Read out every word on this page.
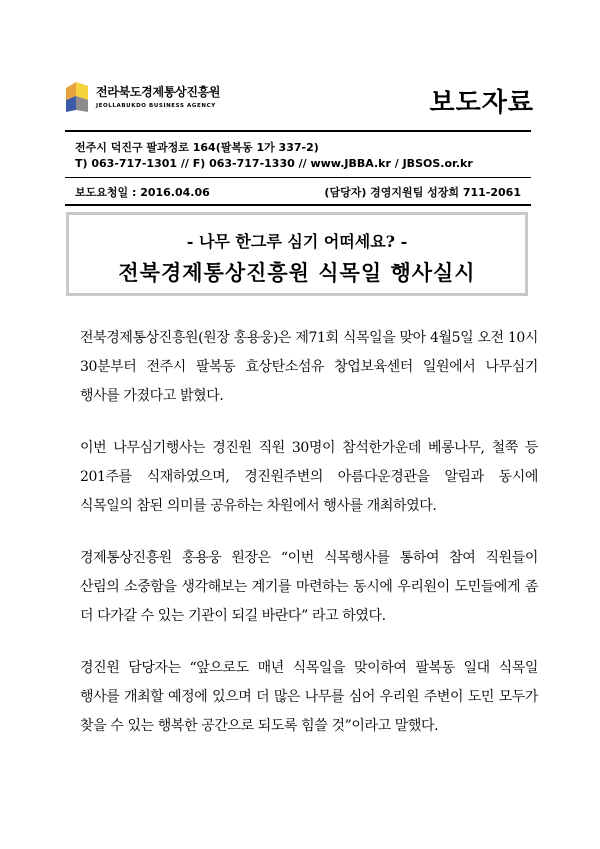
전라북도경제통상진흥원
JEOLLABUKDO BUSINESS AGENCY	보도자료
전주시 덕진구 팔과정로 164(팔복동 1가 337-2)
T) 063-717-1301 // F) 063-717-1330 // www.JBBA.kr / JBSOS.or.kr
보도요청일 : 2016.04.06	(담당자) 경영지원팀 성장희 711-2061
- 나무 한그루 심기 어떠세요? -
전북경제통상진흥원 식목일 행사실시

전북경제통상진흥원(원장 홍용웅)은 제71회 식목일을 맞아 4월5일 오전 10시 30분부터 전주시 팔복동 효상탄소섬유 창업보육센터 일원에서 나무심기 행사를 가졌다고 밝혔다.

이번 나무심기행사는 경진원 직원 30명이 참석한가운데 베롱나무, 철쭉 등 201주를 식재하였으며, 경진원주변의 아름다운경관을 알림과 동시에 식목일의 참된 의미를 공유하는 차원에서 행사를 개최하였다.

경제통상진흥원 홍용웅 원장은 “이번 식목행사를 통하여 참여 직원들이 산림의 소중함을 생각해보는 계기를 마련하는 동시에 우리원이 도민들에게 좀 더 다가갈 수 있는 기관이 되길 바란다” 라고 하였다.

경진원 담당자는 “앞으로도 매년 식목일을 맞이하여 팔복동 일대 식목일 행사를 개최할 예정에 있으며 더 많은 나무를 심어 우리원 주변이 도민 모두가 찾을 수 있는 행복한 공간으로 되도록 힘쓸 것”이라고 말했다.
